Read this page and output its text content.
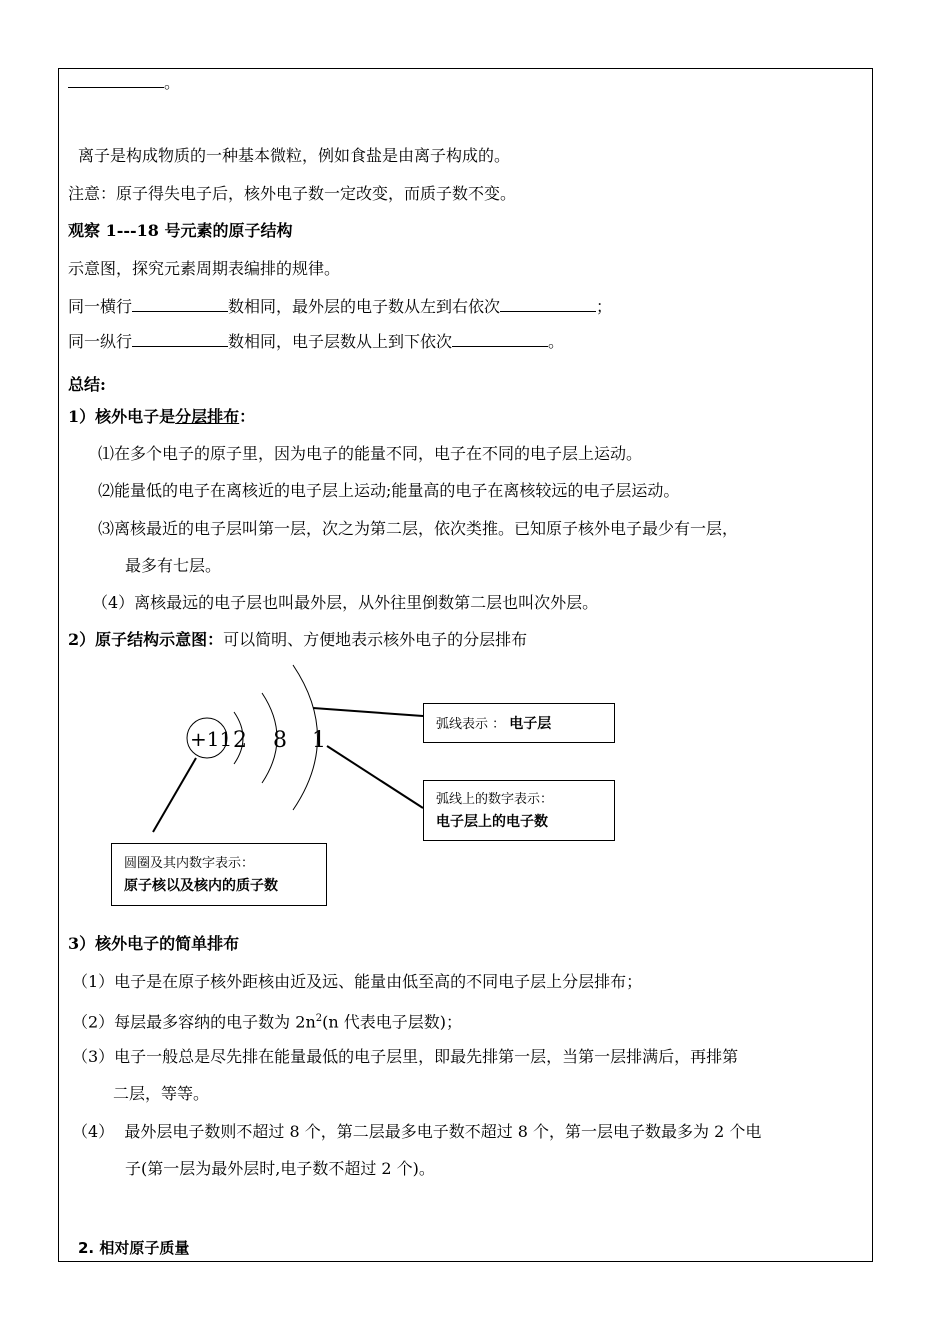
。
离子是构成物质的一种基本微粒，例如食盐是由离子构成的。
注意：原子得失电子后，核外电子数一定改变，而质子数不变。
观察 1---18 号元素的原子结构
示意图，探究元素周期表编排的规律。
同一横行	数相同，最外层的电子数从左到右依次	；
同一纵行	数相同，电子层数从上到下依次	。
总结:
1）核外电子是分层排布：
⑴在多个电子的原子里，因为电子的能量不同，电子在不同的电子层上运动。
⑵能量低的电子在离核近的电子层上运动;能量高的电子在离核较远的电子层运动。
⑶离核最近的电子层叫第一层，次之为第二层，依次类推。已知原子核外电子最少有一层，
最多有七层。
（4）离核最远的电子层也叫最外层，从外往里倒数第二层也叫次外层。
2）原子结构示意图：可以简明、方便地表示核外电子的分层排布
+11 2 8 1
弧线表示 ： 电子层
弧线上的数字表示：
电子层上的电子数
圆圈及其内数字表示：
原子核以及核内的质子数
3）核外电子的简单排布
（1）电子是在原子核外距核由近及远、能量由低至高的不同电子层上分层排布；
（2）每层最多容纳的电子数为 $2n^2(n$ 代表电子层数)；
（3）电子一般总是尽先排在能量最低的电子层里，即最先排第一层，当第一层排满后，再排第
二层，等等。
（4）  最外层电子数则不超过 8 个，第二层最多电子数不超过 8 个，第一层电子数最多为 2 个电
子(第一层为最外层时,电子数不超过 2 个)。
2. 相对原子质量
